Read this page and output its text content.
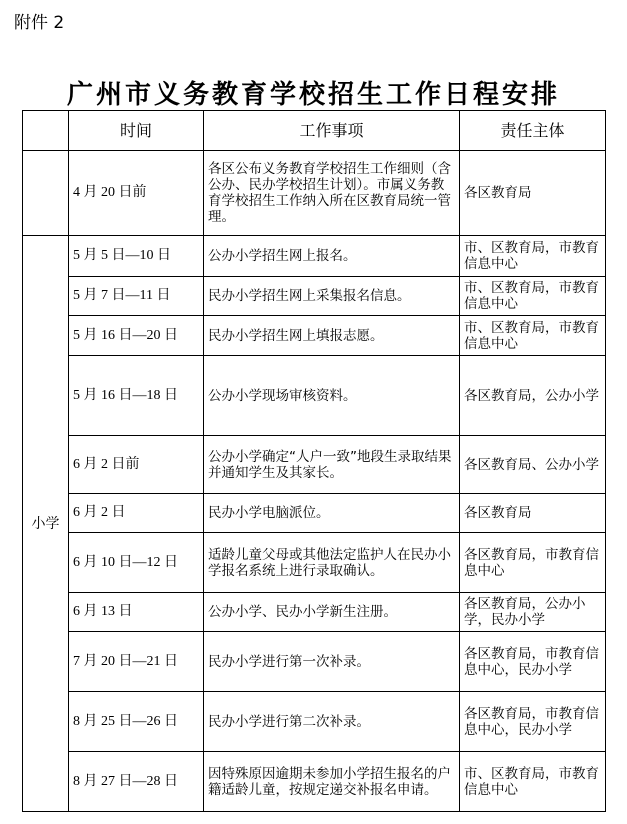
附件 2
广州市义务教育学校招生工作日程安排
	时间	工作事项	责任主体
	4 月 20 日前	各区公布义务教育学校招生工作细则（含公办、民办学校招生计划）。市属义务教育学校招生工作纳入所在区教育局统一管理。	各区教育局
小学	5 月 5 日—10 日	公办小学招生网上报名。	市、区教育局，市教育信息中心
	5 月 7 日—11 日	民办小学招生网上采集报名信息。	市、区教育局，市教育信息中心
	5 月 16 日—20 日	民办小学招生网上填报志愿。	市、区教育局，市教育信息中心
	5 月 16 日—18 日	公办小学现场审核资料。	各区教育局，公办小学
	6 月 2 日前	公办小学确定“人户一致”地段生录取结果并通知学生及其家长。	各区教育局、公办小学
	6 月 2 日	民办小学电脑派位。	各区教育局
	6 月 10 日—12 日	适龄儿童父母或其他法定监护人在民办小学报名系统上进行录取确认。	各区教育局，市教育信息中心
	6 月 13 日	公办小学、民办小学新生注册。	各区教育局，公办小学，民办小学
	7 月 20 日—21 日	民办小学进行第一次补录。	各区教育局，市教育信息中心，民办小学
	8 月 25 日—26 日	民办小学进行第二次补录。	各区教育局，市教育信息中心，民办小学
	8 月 27 日—28 日	因特殊原因逾期未参加小学招生报名的户籍适龄儿童，按规定递交补报名申请。	市、区教育局，市教育信息中心
